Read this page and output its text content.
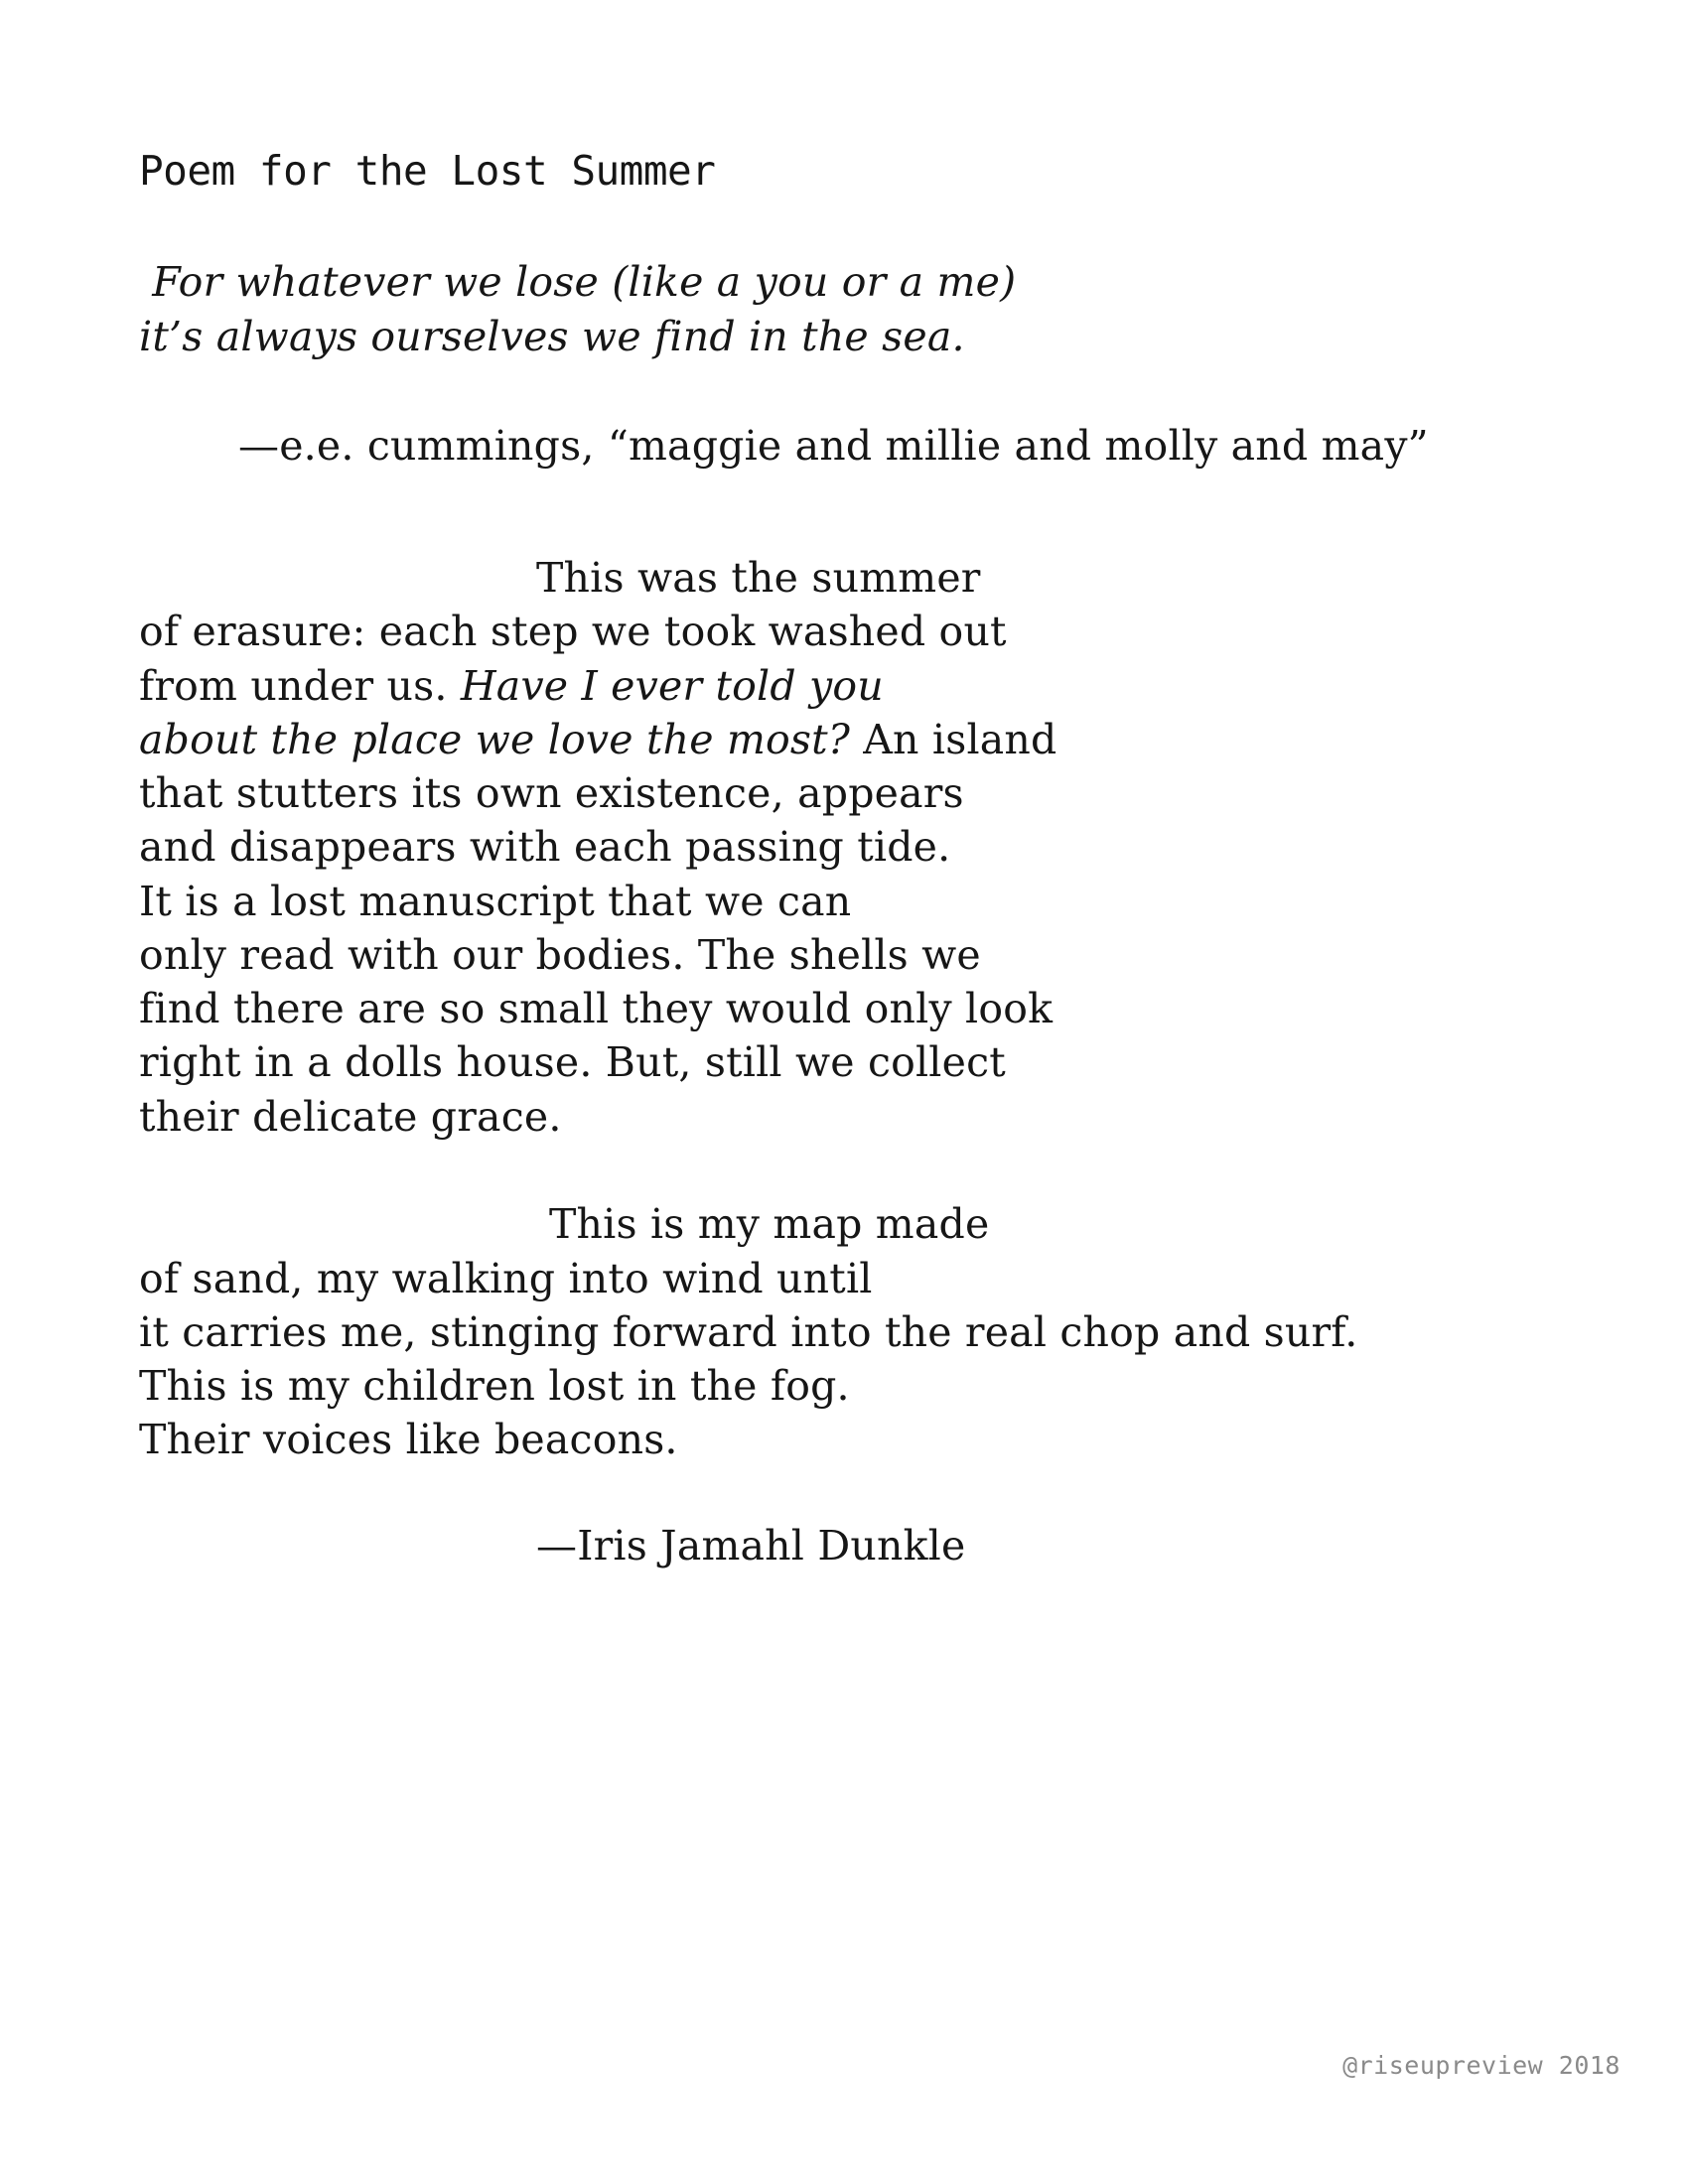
Poem for the Lost Summer
For whatever we lose (like a you or a me)
it’s always ourselves we find in the sea.
—e.e. cummings, “maggie and millie and molly and may”
This was the summer
of erasure: each step we took washed out
from under us. Have I ever told you
about the place we love the most? An island
that stutters its own existence, appears
and disappears with each passing tide.
It is a lost manuscript that we can
only read with our bodies. The shells we
find there are so small they would only look
right in a dolls house. But, still we collect
their delicate grace.
This is my map made
of sand, my walking into wind until
it carries me, stinging forward into the real chop and surf.
This is my children lost in the fog.
Their voices like beacons.
—Iris Jamahl Dunkle
@riseupreview 2018
